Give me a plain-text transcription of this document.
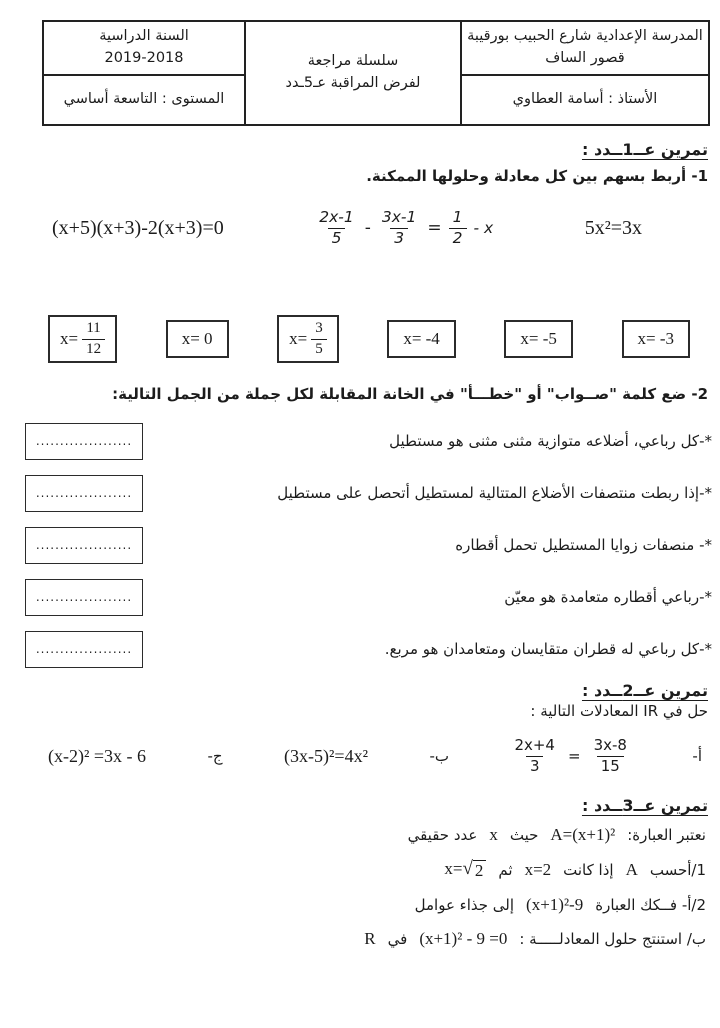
المدرسة الإعدادية شارع الحبيب بورقيبة قصور الساف	
سلسلة مراجعة
لفرض المراقبة عـ5ـدد

السنة الدراسية
2019-2018

الأستاذ : أسامة العطاوي		المستوى : التاسعة أساسي
تمرين عــ1ــدد :
1- أربط بسهم بين كل معادلة وحلولها الممكنة.
(x+5)(x+3)-2(x+3)=0	$\frac{2x-1}{5} - \frac{3x-1}{3} = \frac{1}{2} - x$	5x²=3x
$x= \frac{11}{12}$	x= 0	$x= \frac{3}{5}$	x= -4	x= -5	x= -3
2- ضع كلمة "صــواب" أو "خطـــأ" في الخانة المقابلة لكل جملة من الجمل التالية:
*-كل رباعي، أضلاعه متوازية مثنى مثنى هو مستطيل
....................
*-إذا ربطت منتصفات الأضلاع المتتالية لمستطيل أتحصل على مستطيل
....................
*- منصفات زوايا المستطيل تحمل أقطاره
....................
*-رباعي أقطاره متعامدة هو معيّن
....................
*-كل رباعي له قطران متقايسان ومتعامدان هو مربع.
....................
تمرين عــ2ــدد :
حل في IR المعادلات التالية :
أ-
$\frac{2x+4}{3} = \frac{3x-8}{15}$
ب-
(3x-5)²=4x²
ج-
(x-2)² =3x - 6
تمرين عــ3ــدد :
نعتبر العبارة:
A=(x+1)²
حيث
x
عدد حقيقي
1/أحسب
A
إذا كانت
x=2
ثم
x= √ 2
2/أ- فــكك العبارة
(x+1)²-9
إلى جذاء عوامل
ب/ استنتج حلول المعادلـــــة :
(x+1)² - 9 =0
في
R
